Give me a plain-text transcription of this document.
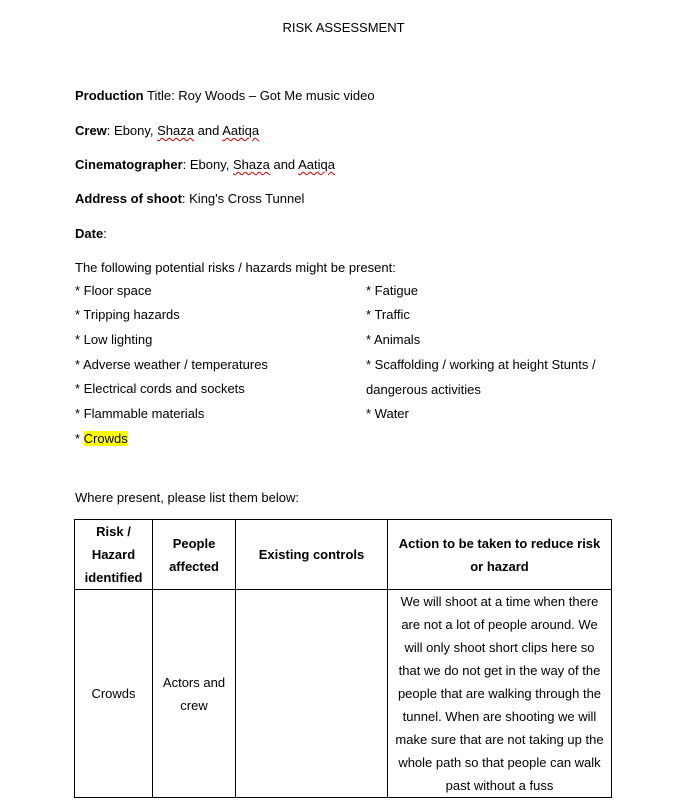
RISK ASSESSMENT
Production Title: Roy Woods – Got Me music video
Crew: Ebony, Shaza and Aatiqa
Cinematographer: Ebony, Shaza and Aatiqa
Address of shoot: King's Cross Tunnel
Date:
The following potential risks / hazards might be present:
* Floor space
* Tripping hazards
* Low lighting
* Adverse weather / temperatures
* Electrical cords and sockets
* Flammable materials
* Crowds
* Fatigue
* Traffic
* Animals
* Scaffolding / working at height Stunts /
dangerous activities
* Water
Where present, please list them below:
Risk / Hazard identified	People affected	Existing controls	Action to be taken to reduce risk or hazard
Crowds	Actors and crew		We will shoot at a time when there are not a lot of people around. We will only shoot short clips here so that we do not get in the way of the people that are walking through the tunnel. When are shooting we will make sure that are not taking up the whole path so that people can walk past without a fuss
